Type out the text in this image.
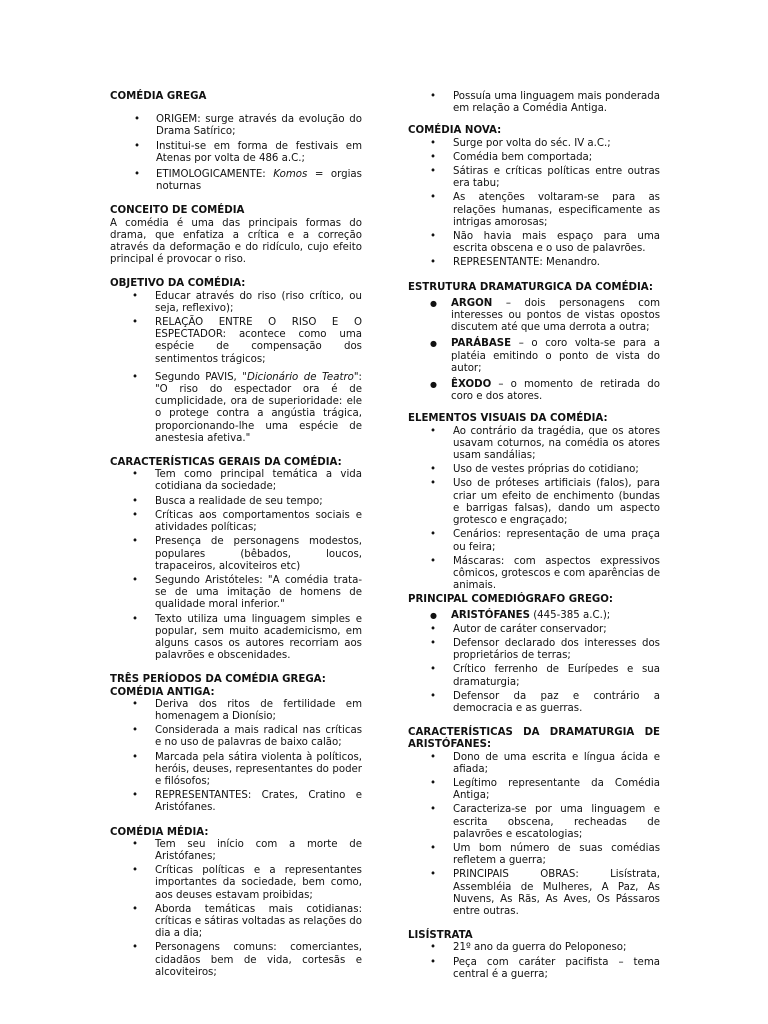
COMÉDIA GREGA
• ORIGEM: surge através da evolução do Drama Satírico;
• Institui-se em forma de festivais em Atenas por volta de 486 a.C.;
• ETIMOLOGICAMENTE: Komos = orgias noturnas
CONCEITO DE COMÉDIA

A comédia é uma das principais formas do drama, que enfatiza a crítica e a correção através da deformação e do ridículo, cujo efeito principal é provocar o riso.

OBJETIVO DA COMÉDIA:
• Educar através do riso (riso crítico, ou seja, reflexivo);
• RELAÇÃO ENTRE O RISO E O ESPECTADOR: acontece como uma espécie de compensação dos sentimentos trágicos;
• Segundo PAVIS, "Dicionário de Teatro": "O riso do espectador ora é de cumplicidade, ora de superioridade: ele o protege contra a angústia trágica, proporcionando-lhe uma espécie de anestesia afetiva."
CARACTERÍSTICAS GERAIS DA COMÉDIA:
• Tem como principal temática a vida cotidiana da sociedade;
• Busca a realidade de seu tempo;
• Críticas aos comportamentos sociais e atividades políticas;
• Presença de personagens modestos, populares (bêbados, loucos, trapaceiros, alcoviteiros etc)
• Segundo Aristóteles: "A comédia trata-se de uma imitação de homens de qualidade moral inferior."
• Texto utiliza uma linguagem simples e popular, sem muito academicismo, em alguns casos os autores recorriam aos palavrões e obscenidades.
TRÊS PERÍODOS DA COMÉDIA GREGA:
COMÉDIA ANTIGA:
• Deriva dos ritos de fertilidade em homenagem a Dionísio;
• Considerada a mais radical nas críticas e no uso de palavras de baixo calão;
• Marcada pela sátira violenta à políticos, heróis, deuses, representantes do poder e filósofos;
• REPRESENTANTES: Crates, Cratino e Aristófanes.
COMÉDIA MÉDIA:
• Tem seu início com a morte de Aristófanes;
• Críticas políticas e a representantes importantes da sociedade, bem como, aos deuses estavam proibidas;
• Aborda temáticas mais cotidianas: críticas e sátiras voltadas as relações do dia a dia;
• Personagens comuns: comerciantes, cidadãos bem de vida, cortesãs e alcoviteiros;
• Possuía uma linguagem mais ponderada em relação a Comédia Antiga.
COMÉDIA NOVA:
• Surge por volta do séc. IV a.C.;
• Comédia bem comportada;
• Sátiras e críticas políticas entre outras era tabu;
• As atenções voltaram-se para as relações humanas, especificamente as intrigas amorosas;
• Não havia mais espaço para uma escrita obscena e o uso de palavrões.
• REPRESENTANTE: Menandro.
ESTRUTURA DRAMATURGICA DA COMÉDIA:
● ARGON – dois personagens com interesses ou pontos de vistas opostos discutem até que uma derrota a outra;
● PARÁBASE – o coro volta-se para a platéia emitindo o ponto de vista do autor;
● ÊXODO – o momento de retirada do coro e dos atores.
ELEMENTOS VISUAIS DA COMÉDIA:
• Ao contrário da tragédia, que os atores usavam coturnos, na comédia os atores usam sandálias;
• Uso de vestes próprias do cotidiano;
• Uso de próteses artificiais (falos), para criar um efeito de enchimento (bundas e barrigas falsas), dando um aspecto grotesco e engraçado;
• Cenários: representação de uma praça ou feira;
• Máscaras: com aspectos expressivos cômicos, grotescos e com aparências de animais.
PRINCIPAL COMEDIÓGRAFO GREGO:
● ARISTÓFANES (445-385 a.C.);
• Autor de caráter conservador;
• Defensor declarado dos interesses dos proprietários de terras;
• Crítico ferrenho de Eurípedes e sua dramaturgia;
• Defensor da paz e contrário a democracia e as guerras.
CARACTERÍSTICAS DA DRAMATURGIA DE ARISTÓFANES:
• Dono de uma escrita e língua ácida e afiada;
• Legítimo representante da Comédia Antiga;
• Caracteriza-se por uma linguagem e escrita obscena, recheadas de palavrões e escatologias;
• Um bom número de suas comédias refletem a guerra;
• PRINCIPAIS OBRAS: Lisístrata, Assembléia de Mulheres, A Paz, As Nuvens, As Rãs, As Aves, Os Pássaros entre outras.
LISÍSTRATA
• 21º ano da guerra do Peloponeso;
• Peça com caráter pacifista – tema central é a guerra;
